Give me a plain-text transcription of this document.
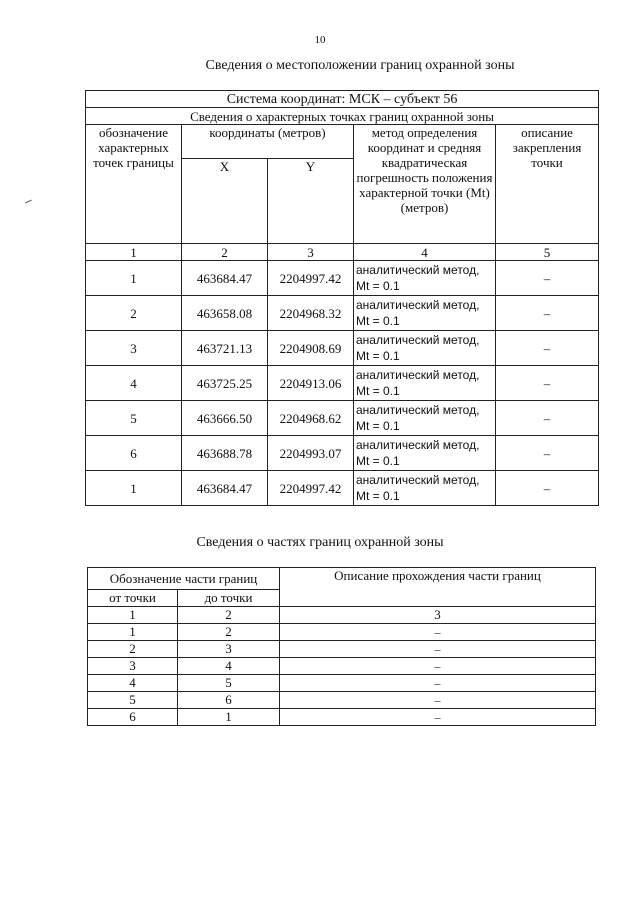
10
Сведения о местоположении границ охранной зоны
Система координат: МСК – субъект 56				
Сведения о характерных точках границ охранной зоны				
обозначение характерных точек границы	координаты (метров)		метод определения координат и средняя квадратическая погрешность положения характерной точки (Mt) (метров)	описание закрепления точки
	X	Y		
1	2	3	4	5
1	463684.47	2204997.42	аналитический метод, Mt = 0.1	–
2	463658.08	2204968.32	аналитический метод, Mt = 0.1	–
3	463721.13	2204908.69	аналитический метод, Mt = 0.1	–
4	463725.25	2204913.06	аналитический метод, Mt = 0.1	–
5	463666.50	2204968.62	аналитический метод, Mt = 0.1	–
6	463688.78	2204993.07	аналитический метод, Mt = 0.1	–
1	463684.47	2204997.42	аналитический метод, Mt = 0.1	–
Сведения о частях границ охранной зоны
Обозначение части границ		Описание прохождения части границ
от точки	до точки	
1	2	3
1	2	–
2	3	–
3	4	–
4	5	–
5	6	–
6	1	–
